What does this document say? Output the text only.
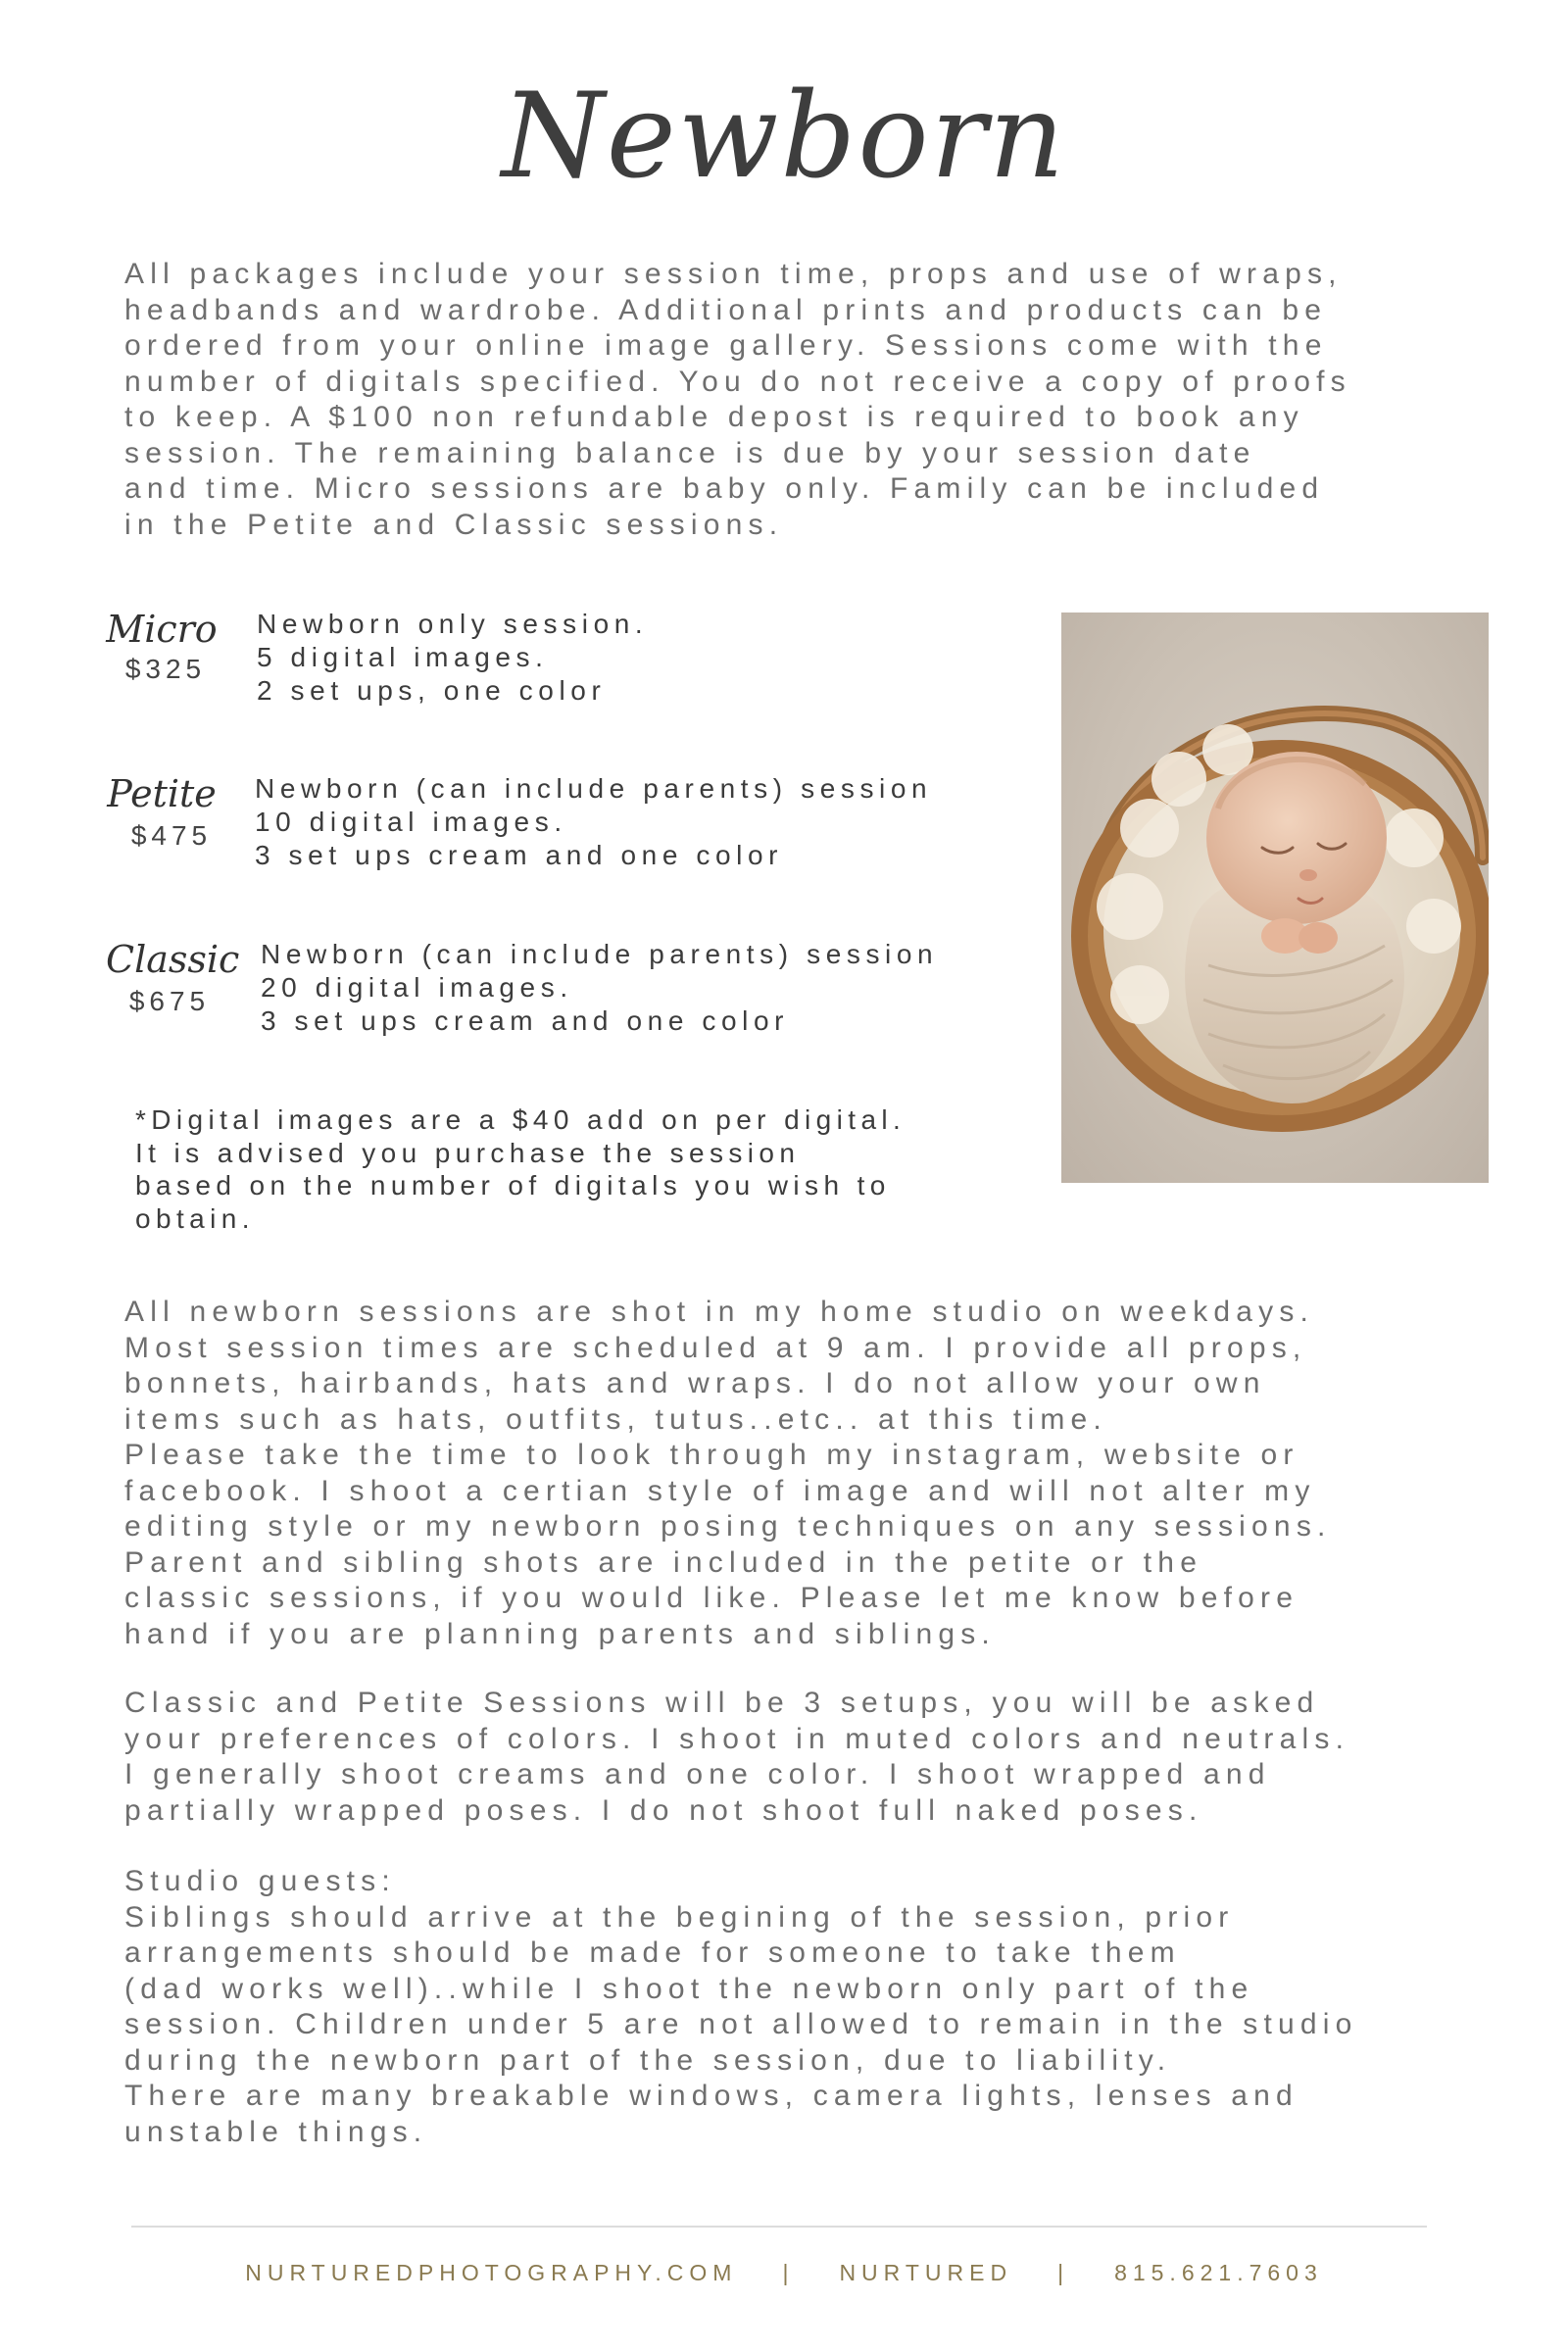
Newborn

All packages include your session time, props and use of wraps,
headbands and wardrobe. Additional prints and products can be
ordered from your online image gallery. Sessions come with the
number of digitals specified. You do not receive a copy of proofs
to keep. A $100 non refundable depost is required to book any
session. The remaining balance is due by your session date
and time. Micro sessions are baby only. Family can be included
in the Petite and Classic sessions.

Micro
$325
Newborn only session.
5 digital images.
2 set ups, one color
Petite
$475
Newborn (can include parents) session
10 digital images.
3 set ups cream and one color
Classic
$675
Newborn (can include parents) session
20 digital images.
3 set ups cream and one color

*Digital images are a $40 add on per digital.
It is advised you purchase the session
based on the number of digitals you wish to
obtain.

All newborn sessions are shot in my home studio on weekdays.
Most session times are scheduled at 9 am. I provide all props,
bonnets, hairbands, hats and wraps. I do not allow your own
items such as hats, outfits, tutus..etc.. at this time.
Please take the time to look through my instagram, website or
facebook. I shoot a certian style of image and will not alter my
editing style or my newborn posing techniques on any sessions.
Parent and sibling shots are included in the petite or the
classic sessions, if you would like. Please let me know before
hand if you are planning parents and siblings.

Classic and Petite Sessions will be 3 setups, you will be asked
your preferences of colors. I shoot in muted colors and neutrals.
I generally shoot creams and one color. I shoot wrapped and
partially wrapped poses. I do not shoot full naked poses.

Studio guests:
Siblings should arrive at the begining of the session, prior
arrangements should be made for someone to take them
(dad works well)..while I shoot the newborn only part of the
session. Children under 5 are not allowed to remain in the studio
during the newborn part of the session, due to liability.
There are many breakable windows, camera lights, lenses and
unstable things.

NURTUREDPHOTOGRAPHY.COM | NURTURED | 815.621.7603
